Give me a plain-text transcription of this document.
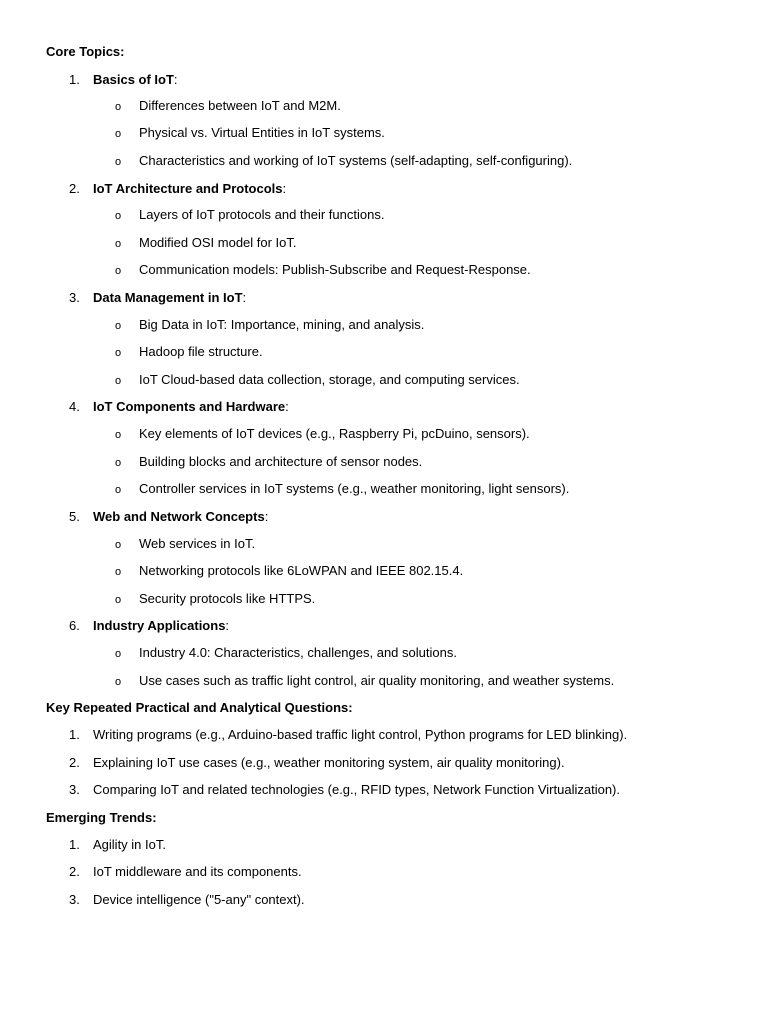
Core Topics:
1. Basics of IoT:
o Differences between IoT and M2M.
o Physical vs. Virtual Entities in IoT systems.
o Characteristics and working of IoT systems (self-adapting, self-configuring).
2. IoT Architecture and Protocols:
o Layers of IoT protocols and their functions.
o Modified OSI model for IoT.
o Communication models: Publish-Subscribe and Request-Response.
3. Data Management in IoT:
o Big Data in IoT: Importance, mining, and analysis.
o Hadoop file structure.
o IoT Cloud-based data collection, storage, and computing services.
4. IoT Components and Hardware:
o Key elements of IoT devices (e.g., Raspberry Pi, pcDuino, sensors).
o Building blocks and architecture of sensor nodes.
o Controller services in IoT systems (e.g., weather monitoring, light sensors).
5. Web and Network Concepts:
o Web services in IoT.
o Networking protocols like 6LoWPAN and IEEE 802.15.4.
o Security protocols like HTTPS.
6. Industry Applications:
o Industry 4.0: Characteristics, challenges, and solutions.
o Use cases such as traffic light control, air quality monitoring, and weather systems.
Key Repeated Practical and Analytical Questions:
1. Writing programs (e.g., Arduino-based traffic light control, Python programs for LED blinking).
2. Explaining IoT use cases (e.g., weather monitoring system, air quality monitoring).
3. Comparing IoT and related technologies (e.g., RFID types, Network Function Virtualization).
Emerging Trends:
1. Agility in IoT.
2. IoT middleware and its components.
3. Device intelligence ("5-any" context).
